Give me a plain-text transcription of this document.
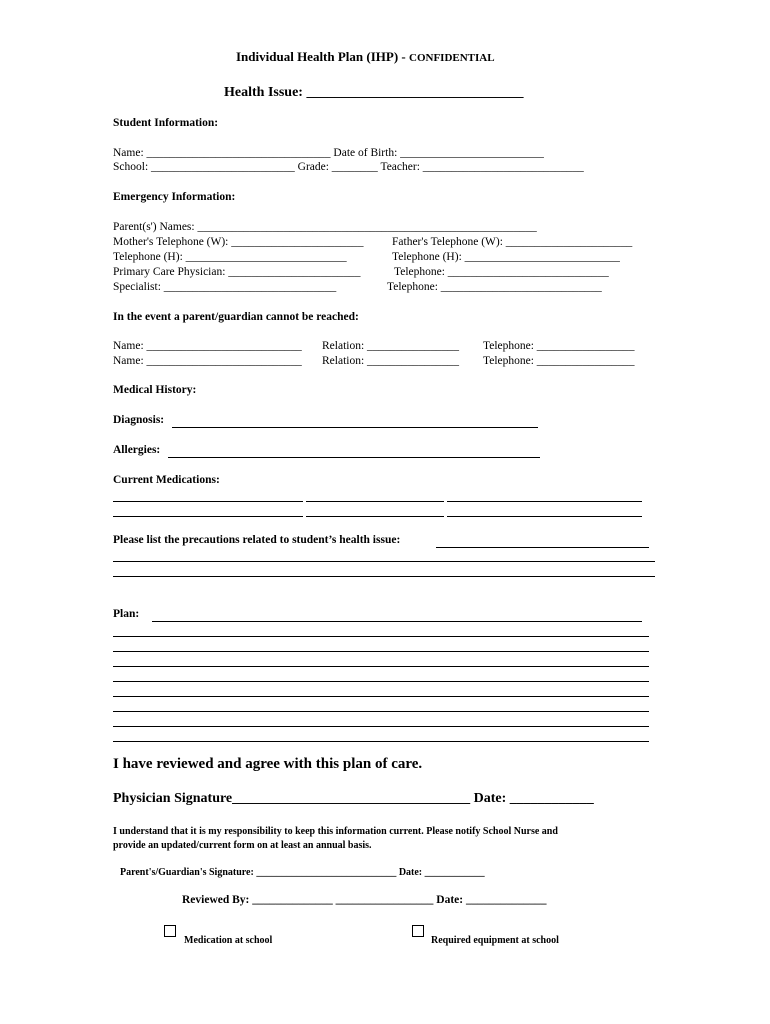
Individual Health Plan (IHP) - CONFIDENTIAL
Health Issue: _______________________________
Student Information:
Name: ________________________________ Date of Birth: _________________________
School: _________________________ Grade: ________ Teacher: ____________________________
Emergency Information:
Parent(s') Names: ___________________________________________________________
Mother's Telephone (W): _______________________ Father's Telephone (W): ______________________
Telephone (H): ____________________________	Telephone (H): ___________________________
Primary Care Physician: _______________________	Telephone: ____________________________
Specialist: ______________________________	Telephone: ____________________________
In the event a parent/guardian cannot be reached:
Name: ___________________________ Relation: ________________ Telephone: _________________
Name: ___________________________ Relation: ________________ Telephone: _________________
Medical History:
Diagnosis:
Allergies:
Current Medications:
Please list the precautions related to student’s health issue:
Plan:
I have reviewed and agree with this plan of care.
Physician Signature__________________________________ Date: ____________
I understand that it is my responsibility to keep this information current. Please notify School Nurse and
provide an updated/current form on at least an annual basis.
Parent's/Guardian's Signature: ____________________________ Date: ____________
Reviewed By: ______________ _________________ Date: ______________
Medication at school	Required equipment at school
